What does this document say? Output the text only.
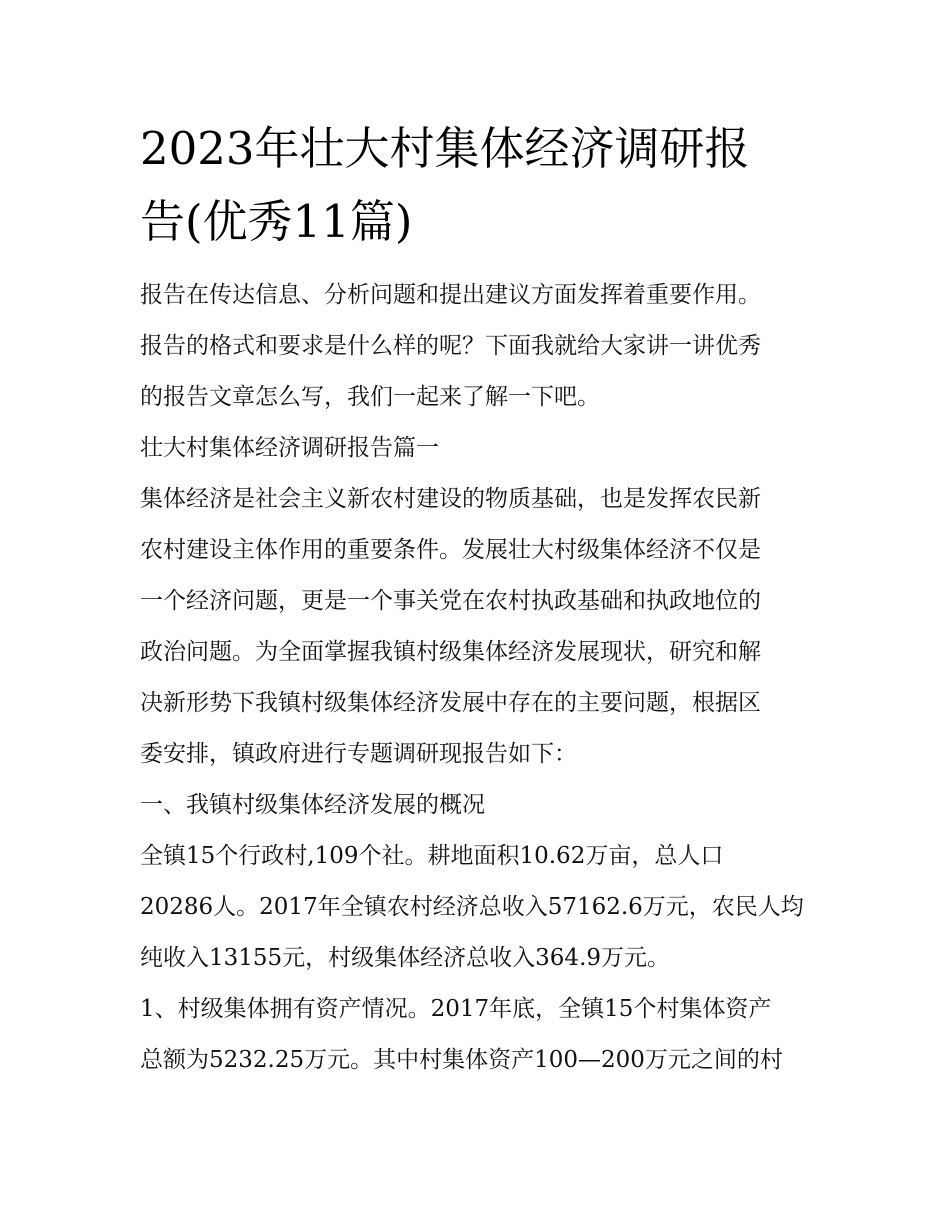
2023年壮大村集体经济调研报
告(优秀11篇)

报告在传达信息、分析问题和提出建议方面发挥着重要作用。

报告的格式和要求是什么样的呢？下面我就给大家讲一讲优秀

的报告文章怎么写，我们一起来了解一下吧。

壮大村集体经济调研报告篇一

集体经济是社会主义新农村建设的物质基础，也是发挥农民新

农村建设主体作用的重要条件。发展壮大村级集体经济不仅是

一个经济问题，更是一个事关党在农村执政基础和执政地位的

政治问题。为全面掌握我镇村级集体经济发展现状，研究和解

决新形势下我镇村级集体经济发展中存在的主要问题，根据区

委安排，镇政府进行专题调研现报告如下：

一、我镇村级集体经济发展的概况

全镇15个行政村,109个社。耕地面积10.62万亩，总人口

20286人。2017年全镇农村经济总收入57162.6万元，农民人均

纯收入13155元，村级集体经济总收入364.9万元。

1、村级集体拥有资产情况。2017年底，全镇15个村集体资产

总额为5232.25万元。其中村集体资产100—200万元之间的村
